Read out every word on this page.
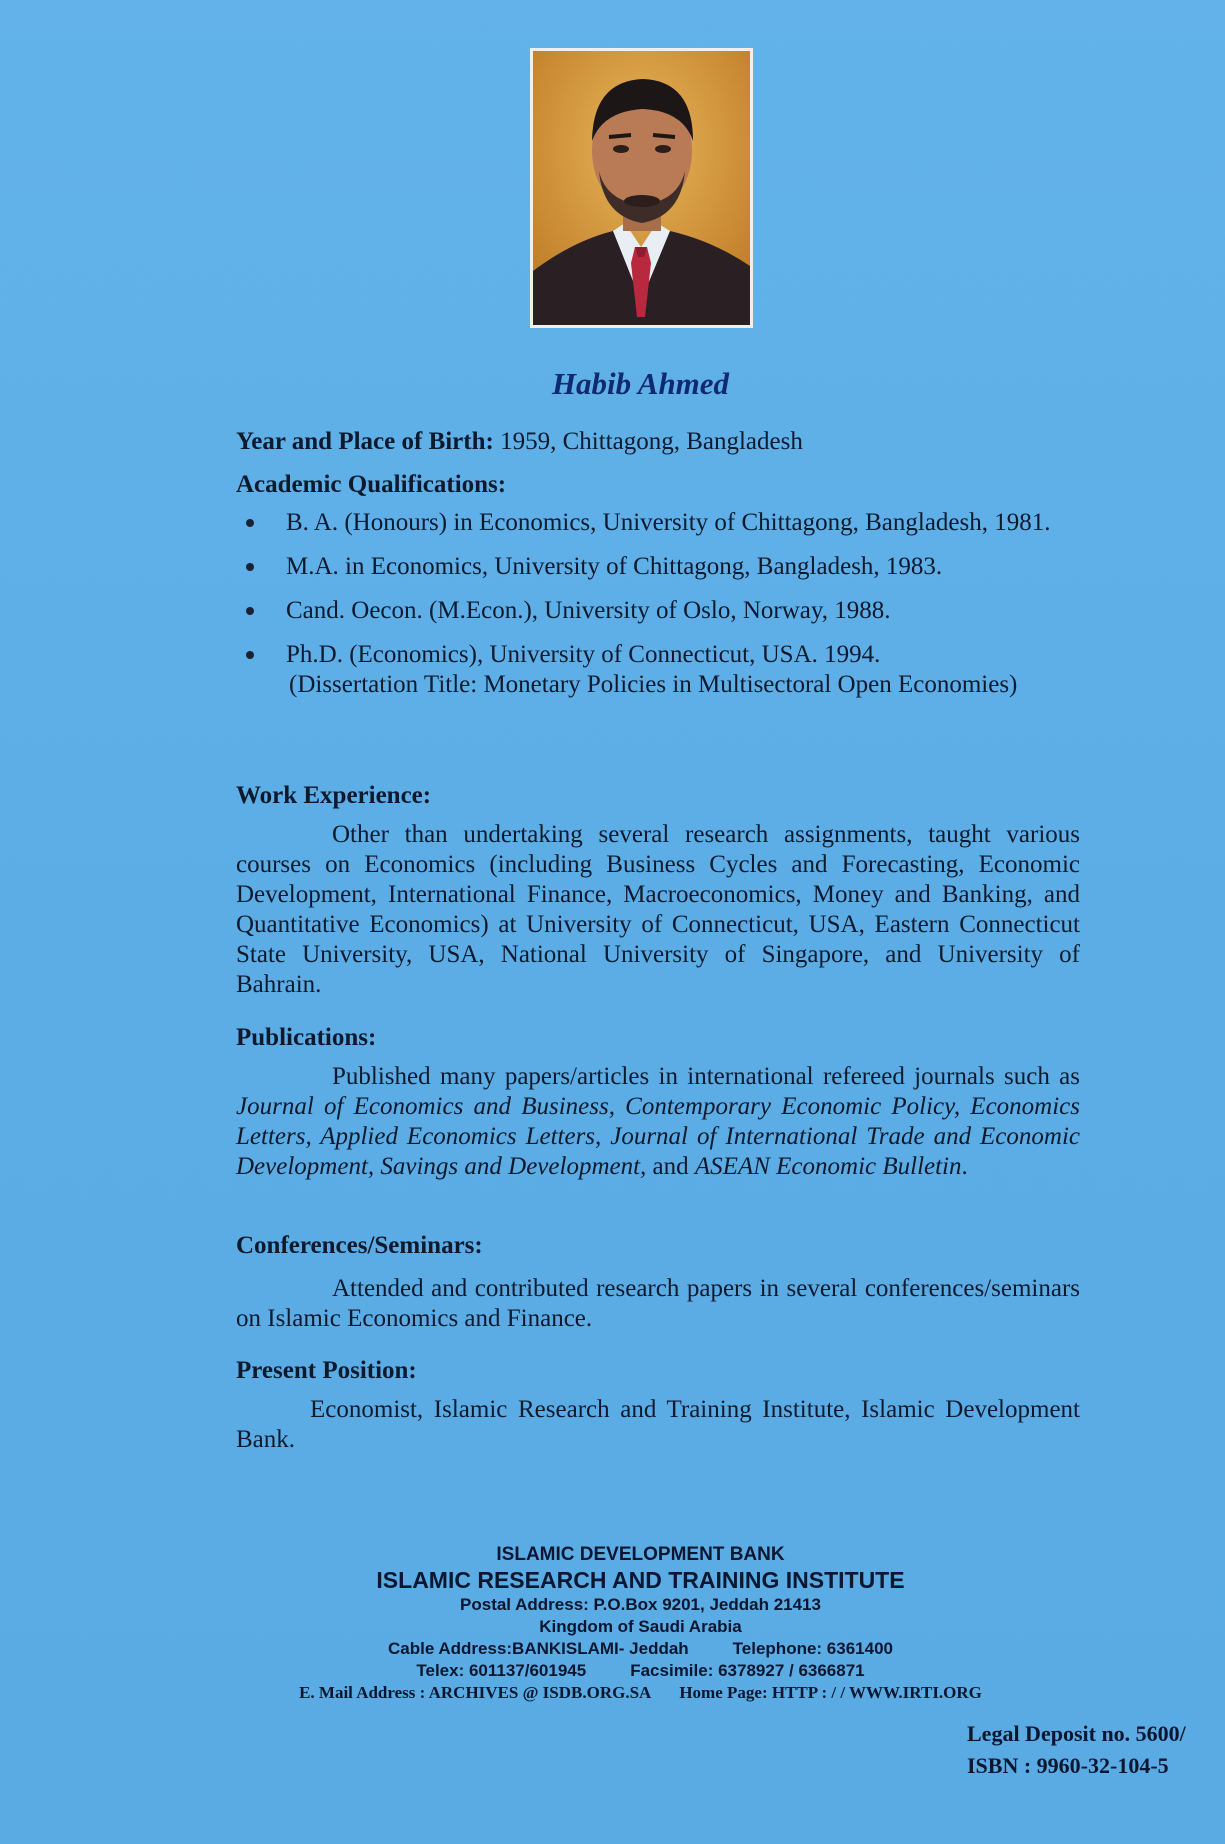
Habib Ahmed
Year and Place of Birth: 1959, Chittagong, Bangladesh
Academic Qualifications:
B. A. (Honours) in Economics, University of Chittagong, Bangladesh, 1981.
M.A. in Economics, University of Chittagong, Bangladesh, 1983.
Cand. Oecon. (M.Econ.), University of Oslo, Norway, 1988.
Ph.D. (Economics), University of Connecticut, USA. 1994.
(Dissertation Title: Monetary Policies in Multisectoral Open Economies)
Work Experience:
Other than undertaking several research assignments, taught various courses on Economics (including Business Cycles and Forecasting, Economic Development, International Finance, Macroeconomics, Money and Banking, and Quantitative Economics) at University of Connecticut, USA, Eastern Connecticut State University, USA, National University of Singapore, and University of Bahrain.
Publications:
Published many papers/articles in international refereed journals such as Journal of Economics and Business, Contemporary Economic Policy, Economics Letters, Applied Economics Letters, Journal of International Trade and Economic Development, Savings and Development, and ASEAN Economic Bulletin.
Conferences/Seminars:
Attended and contributed research papers in several conferences/seminars on Islamic Economics and Finance.
Present Position:
Economist, Islamic Research and Training Institute, Islamic Development Bank.
ISLAMIC DEVELOPMENT BANK
ISLAMIC RESEARCH AND TRAINING INSTITUTE
Postal Address: P.O.Box 9201, Jeddah 21413
Kingdom of Saudi Arabia
Cable Address:BANKISLAMI- Jeddah	Telephone: 6361400
Telex: 601137/601945	Facsimile: 6378927 / 6366871
E. Mail Address : ARCHIVES @ ISDB.ORG.SA Home Page: HTTP : / / WWW.IRTI.ORG
Legal Deposit no. 5600/
ISBN : 9960-32-104-5
